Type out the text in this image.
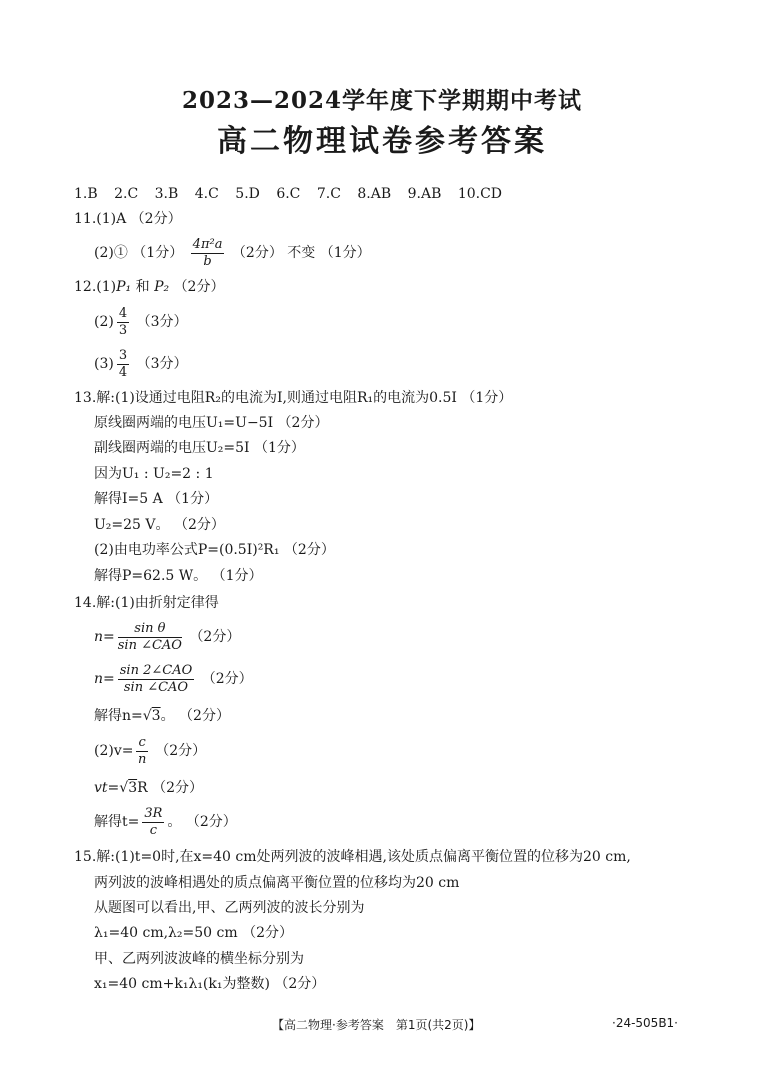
2023—2024学年度下学期期中考试
高二物理试卷参考答案
1.B 2.C 3.B 4.C 5.D 6.C 7.C 8.AB 9.AB 10.CD
11.(1)A （2分）
(2)① （1分） $\frac{\text{4π²a}}{b} (2$分） 不变 （1分）
12.(1)P₁ 和 P₂ （2分）
$(2) \frac{4}{3} (3$分）
$(3) \frac{3}{4} (3$分）
13.解:(1)设通过电阻R₂的电流为I,则通过电阻R₁的电流为0.5I （1分）
原线圈两端的电压U₁=U−5I （2分）
副线圈两端的电压U₂=5I （1分）
因为U₁ : U₂=2 : 1
解得I=5 A （1分）
U₂=25 V。 （2分）
(2)由电功率公式P=(0.5I)²R₁ （2分）
解得P=62.5 W。 （1分）
14.解:(1)由折射定律得
$n= \frac{\text{sin θ}}{\text{sin ∠CAO}} (2$分）
$n= \frac{\text{sin 2∠CAO}}{\text{sin ∠CAO}} (2$分）
解得n=√3。 （2分）
$(2)v= \frac{c}{n} (2$分）
vt=√3R （2分）
解得$t= \frac{3R}{c}$ 。 （2分）
15.解:(1)t=0时,在x=40 cm处两列波的波峰相遇,该处质点偏离平衡位置的位移为20 cm,
两列波的波峰相遇处的质点偏离平衡位置的位移均为20 cm
从题图可以看出,甲、乙两列波的波长分别为
λ₁=40 cm,λ₂=50 cm （2分）
甲、乙两列波波峰的横坐标分别为
x₁=40 cm+k₁λ₁(k₁为整数) （2分）
【高二物理·参考答案　第1页(共2页)】	·24-505B1·
